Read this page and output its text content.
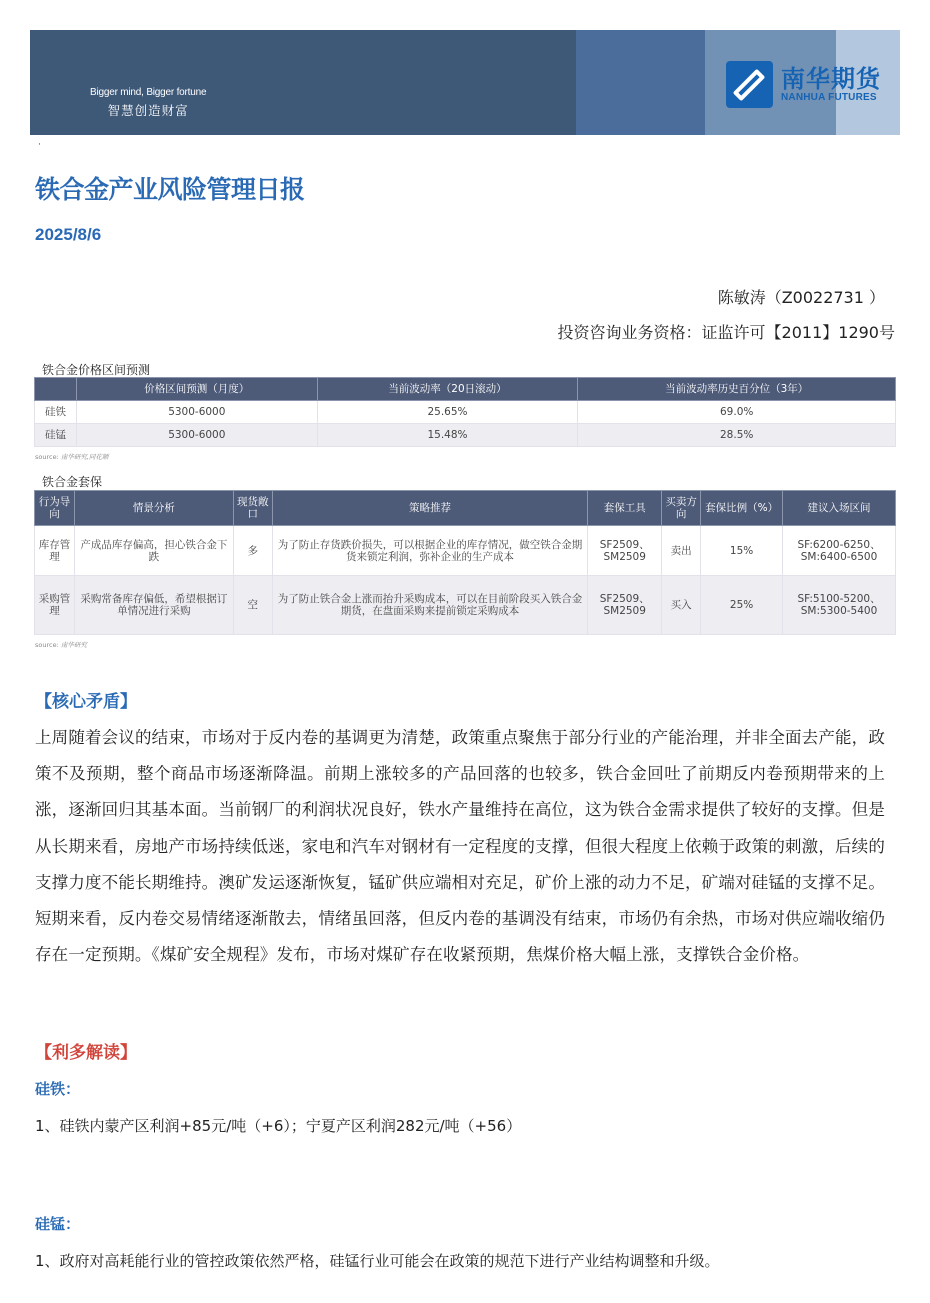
Bigger mind, Bigger fortune
智慧创造财富
南华期货
NANHUA FUTURES
·
铁合金产业风险管理日报
2025/8/6
陈敏涛（Z0022731 ）
投资咨询业务资格：证监许可【2011】1290号
铁合金价格区间预测
	价格区间预测（月度）	当前波动率（20日滚动）	当前波动率历史百分位（3年）
硅铁	5300-6000	25.65%	69.0%
硅锰	5300-6000	15.48%	28.5%
source: 南华研究,同花顺
铁合金套保
行为导向	情景分析	现货敞口	策略推荐	套保工具	买卖方向	套保比例（%）	建议入场区间
库存管理	产成品库存偏高，担心铁合金下跌	多	为了防止存货跌价损失，可以根据企业的库存情况，做空铁合金期货来锁定利润，弥补企业的生产成本	SF2509、SM2509	卖出	15%	SF:6200-6250、SM:6400-6500
采购管理	采购常备库存偏低，希望根据订单情况进行采购	空	为了防止铁合金上涨而抬升采购成本，可以在目前阶段买入铁合金期货，在盘面采购来提前锁定采购成本	SF2509、SM2509	买入	25%	SF:5100-5200、SM:5300-5400
source: 南华研究
【核心矛盾】
上周随着会议的结束，市场对于反内卷的基调更为清楚，政策重点聚焦于部分行业的产能治理，并非全面去产能，政策不及预期，整个商品市场逐渐降温。前期上涨较多的产品回落的也较多，铁合金回吐了前期反内卷预期带来的上涨，逐渐回归其基本面。当前钢厂的利润状况良好，铁水产量维持在高位，这为铁合金需求提供了较好的支撑。但是从长期来看，房地产市场持续低迷，家电和汽车对钢材有一定程度的支撑，但很大程度上依赖于政策的刺激，后续的支撑力度不能长期维持。澳矿发运逐渐恢复，锰矿供应端相对充足，矿价上涨的动力不足，矿端对硅锰的支撑不足。短期来看，反内卷交易情绪逐渐散去，情绪虽回落，但反内卷的基调没有结束，市场仍有余热，市场对供应端收缩仍存在一定预期。《煤矿安全规程》发布，市场对煤矿存在收紧预期，焦煤价格大幅上涨，支撑铁合金价格。
【利多解读】
硅铁：
1、硅铁内蒙产区利润+85元/吨（+6）；宁夏产区利润282元/吨（+56）
硅锰：
1、政府对高耗能行业的管控政策依然严格，硅锰行业可能会在政策的规范下进行产业结构调整和升级。
